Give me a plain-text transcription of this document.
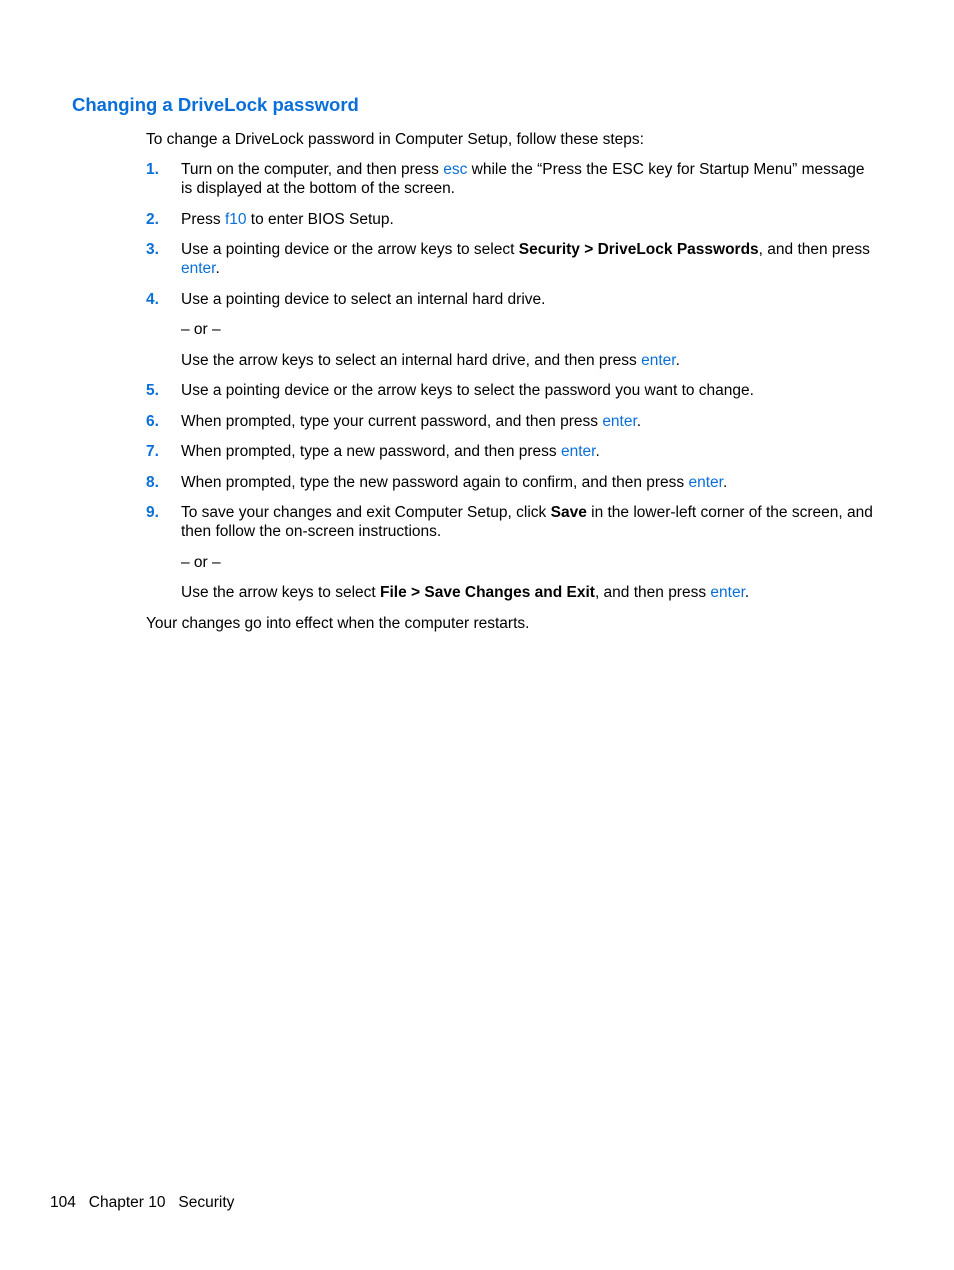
Changing a DriveLock password

To change a DriveLock password in Computer Setup, follow these steps:

1. Turn on the computer, and then press esc while the “Press the ESC key for Startup Menu” message is displayed at the bottom of the screen.
2. Press f10 to enter BIOS Setup.
3. Use a pointing device or the arrow keys to select Security > DriveLock Passwords, and then press enter.
4. Use a pointing device to select an internal hard drive.
– or –
Use the arrow keys to select an internal hard drive, and then press enter.
5. Use a pointing device or the arrow keys to select the password you want to change.
6. When prompted, type your current password, and then press enter.
7. When prompted, type a new password, and then press enter.
8. When prompted, type the new password again to confirm, and then press enter.
9. To save your changes and exit Computer Setup, click Save in the lower-left corner of the screen, and then follow the on-screen instructions.
– or –
Use the arrow keys to select File > Save Changes and Exit, and then press enter.
Your changes go into effect when the computer restarts.
104 Chapter 10 Security
